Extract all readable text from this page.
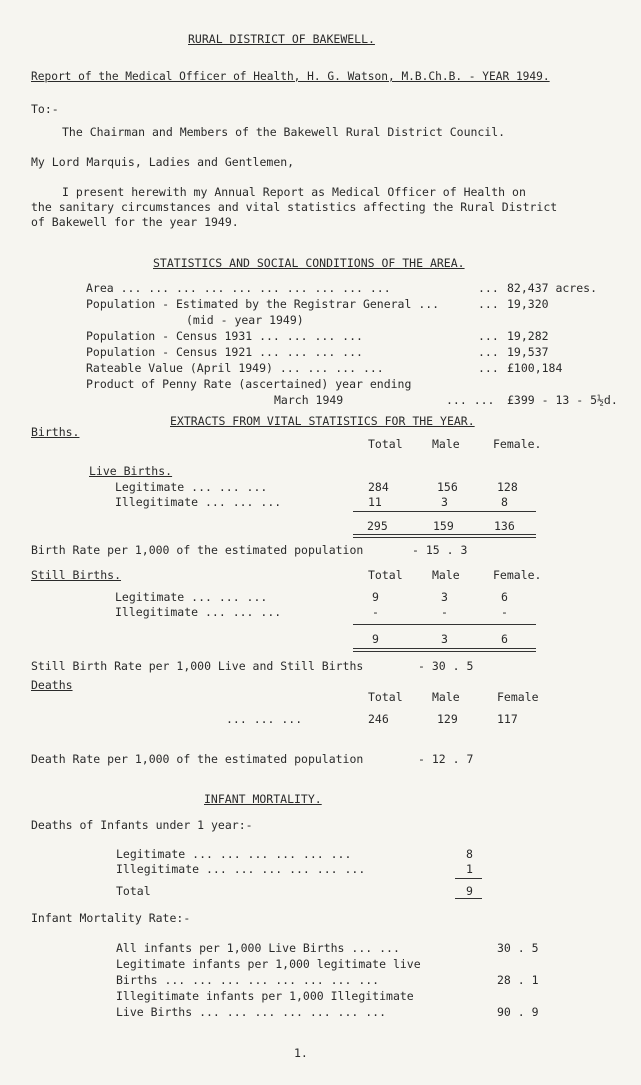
RURAL DISTRICT OF BAKEWELL.
Report of the Medical Officer of Health, H. G. Watson, M.B.Ch.B. - YEAR 1949.
To:-
The Chairman and Members of the Bakewell Rural District Council.
My Lord Marquis, Ladies and Gentlemen,
I present herewith my Annual Report as Medical Officer of Health on
the sanitary circumstances and vital statistics affecting the Rural District
of Bakewell for the year 1949.
STATISTICS AND SOCIAL CONDITIONS OF THE AREA.
Area ... ... ... ... ... ... ... ... ... ...	... 82,437 acres.
Population - Estimated by the Registrar General ...	... 19,320
(mid - year 1949)
Population - Census 1931 ... ... ... ...	... 19,282
Population - Census 1921 ... ... ... ...	... 19,537
Rateable Value (April 1949) ... ... ... ...	... £100,184
Product of Penny Rate (ascertained) year ending
March 1949	... ... £399 - 13 - 5½d.
EXTRACTS FROM VITAL STATISTICS FOR THE YEAR.
Births.
Total	Male	Female.
Live Births.
Legitimate ... ... ...	284	156	128
Illegitimate ... ... ...	11	3	8
295	159	136
Birth Rate per 1,000 of the estimated population	- 15 . 3
Still Births.	Total	Male	Female.
Legitimate ... ... ...	9	3	6
Illegitimate ... ... ...	-	-	-
9	3	6
Still Birth Rate per 1,000 Live and Still Births	- 30 . 5
Deaths
Total	Male	Female
... ... ...	246	129	117
Death Rate per 1,000 of the estimated population	- 12 . 7
INFANT MORTALITY.
Deaths of Infants under 1 year:-
Legitimate ... ... ... ... ... ...	8
Illegitimate ... ... ... ... ... ...	1
Total	9
Infant Mortality Rate:-
All infants per 1,000 Live Births ... ...	30 . 5
Legitimate infants per 1,000 legitimate live
Births ... ... ... ... ... ... ... ...	28 . 1
Illegitimate infants per 1,000 Illegitimate
Live Births ... ... ... ... ... ... ...	90 . 9
1.
